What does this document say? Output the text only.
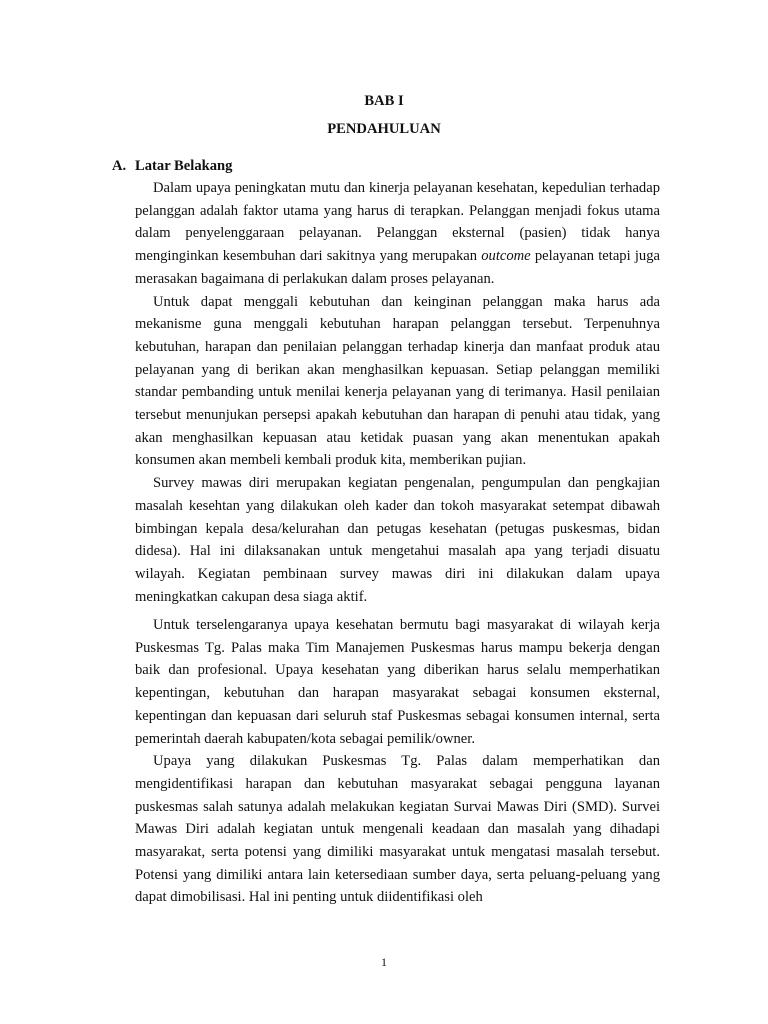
BAB I
PENDAHULUAN
A. Latar Belakang

Dalam upaya peningkatan mutu dan kinerja pelayanan kesehatan, kepedulian terhadap pelanggan adalah faktor utama yang harus di terapkan. Pelanggan menjadi fokus utama dalam penyelenggaraan pelayanan. Pelanggan eksternal (pasien) tidak hanya menginginkan kesembuhan dari sakitnya yang merupakan outcome pelayanan tetapi juga merasakan bagaimana di perlakukan dalam proses pelayanan.

Untuk dapat menggali kebutuhan dan keinginan pelanggan maka harus ada mekanisme guna menggali kebutuhan harapan pelanggan tersebut. Terpenuhnya kebutuhan, harapan dan penilaian pelanggan terhadap kinerja dan manfaat produk atau pelayanan yang di berikan akan menghasilkan kepuasan. Setiap pelanggan memiliki standar pembanding untuk menilai kenerja pelayanan yang di terimanya. Hasil penilaian tersebut menunjukan persepsi apakah kebutuhan dan harapan di penuhi atau tidak, yang akan menghasilkan kepuasan atau ketidak puasan yang akan menentukan apakah konsumen akan membeli kembali produk kita, memberikan pujian.

Survey mawas diri merupakan kegiatan pengenalan, pengumpulan dan pengkajian masalah kesehtan yang dilakukan oleh kader dan tokoh masyarakat setempat dibawah bimbingan kepala desa/kelurahan dan petugas kesehatan (petugas puskesmas, bidan didesa). Hal ini dilaksanakan untuk mengetahui masalah apa yang terjadi disuatu wilayah. Kegiatan pembinaan survey mawas diri ini dilakukan dalam upaya meningkatkan cakupan desa siaga aktif.

Untuk terselengaranya upaya kesehatan bermutu bagi masyarakat di wilayah kerja Puskesmas Tg. Palas maka Tim Manajemen Puskesmas harus mampu bekerja dengan baik dan profesional. Upaya kesehatan yang diberikan harus selalu memperhatikan kepentingan, kebutuhan dan harapan masyarakat sebagai konsumen eksternal, kepentingan dan kepuasan dari seluruh staf Puskesmas sebagai konsumen internal, serta pemerintah daerah kabupaten/kota sebagai pemilik/owner.

Upaya yang dilakukan Puskesmas Tg. Palas dalam memperhatikan dan mengidentifikasi harapan dan kebutuhan masyarakat sebagai pengguna layanan puskesmas salah satunya adalah melakukan kegiatan Survai Mawas Diri (SMD). Survei Mawas Diri adalah kegiatan untuk mengenali keadaan dan masalah yang dihadapi masyarakat, serta potensi yang dimiliki masyarakat untuk mengatasi masalah tersebut. Potensi yang dimiliki antara lain ketersediaan sumber daya, serta peluang-peluang yang dapat dimobilisasi. Hal ini penting untuk diidentifikasi oleh

1
